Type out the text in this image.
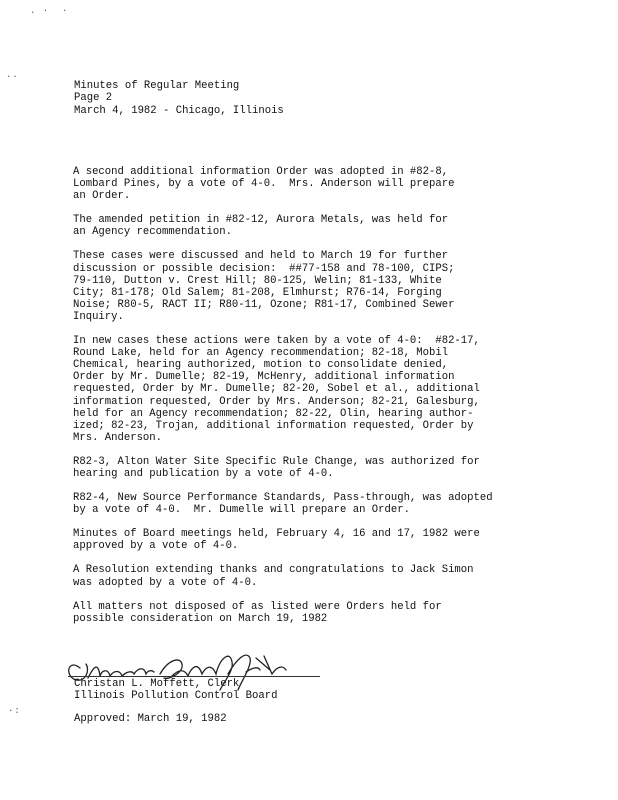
. ·  ·
··
·:
Minutes of Regular Meeting
Page 2
March 4, 1982 - Chicago, Illinois

A second additional information Order was adopted in #82-8,
Lombard Pines, by a vote of 4-0.  Mrs. Anderson will prepare
an Order.

The amended petition in #82-12, Aurora Metals, was held for
an Agency recommendation.

These cases were discussed and held to March 19 for further
discussion or possible decision:  ##77-158 and 78-100, CIPS;
79-110, Dutton v. Crest Hill; 80-125, Welin; 81-133, White
City; 81-178; Old Salem; 81-208, Elmhurst; R76-14, Forging
Noise; R80-5, RACT II; R80-11, Ozone; R81-17, Combined Sewer
Inquiry.

In new cases these actions were taken by a vote of 4-0:  #82-17,
Round Lake, held for an Agency recommendation; 82-18, Mobil
Chemical, hearing authorized, motion to consolidate denied,
Order by Mr. Dumelle; 82-19, McHenry, additional information
requested, Order by Mr. Dumelle; 82-20, Sobel et al., additional
information requested, Order by Mrs. Anderson; 82-21, Galesburg,
held for an Agency recommendation; 82-22, Olin, hearing author-
ized; 82-23, Trojan, additional information requested, Order by
Mrs. Anderson.

R82-3, Alton Water Site Specific Rule Change, was authorized for
hearing and publication by a vote of 4-0.

R82-4, New Source Performance Standards, Pass-through, was adopted
by a vote of 4-0.  Mr. Dumelle will prepare an Order.

Minutes of Board meetings held, February 4, 16 and 17, 1982 were
approved by a vote of 4-0.

A Resolution extending thanks and congratulations to Jack Simon
was adopted by a vote of 4-0.

All matters not disposed of as listed were Orders held for
possible consideration on March 19, 1982

Christan L. Moffett, Clerk
Illinois Pollution Control Board
Approved: March 19, 1982
